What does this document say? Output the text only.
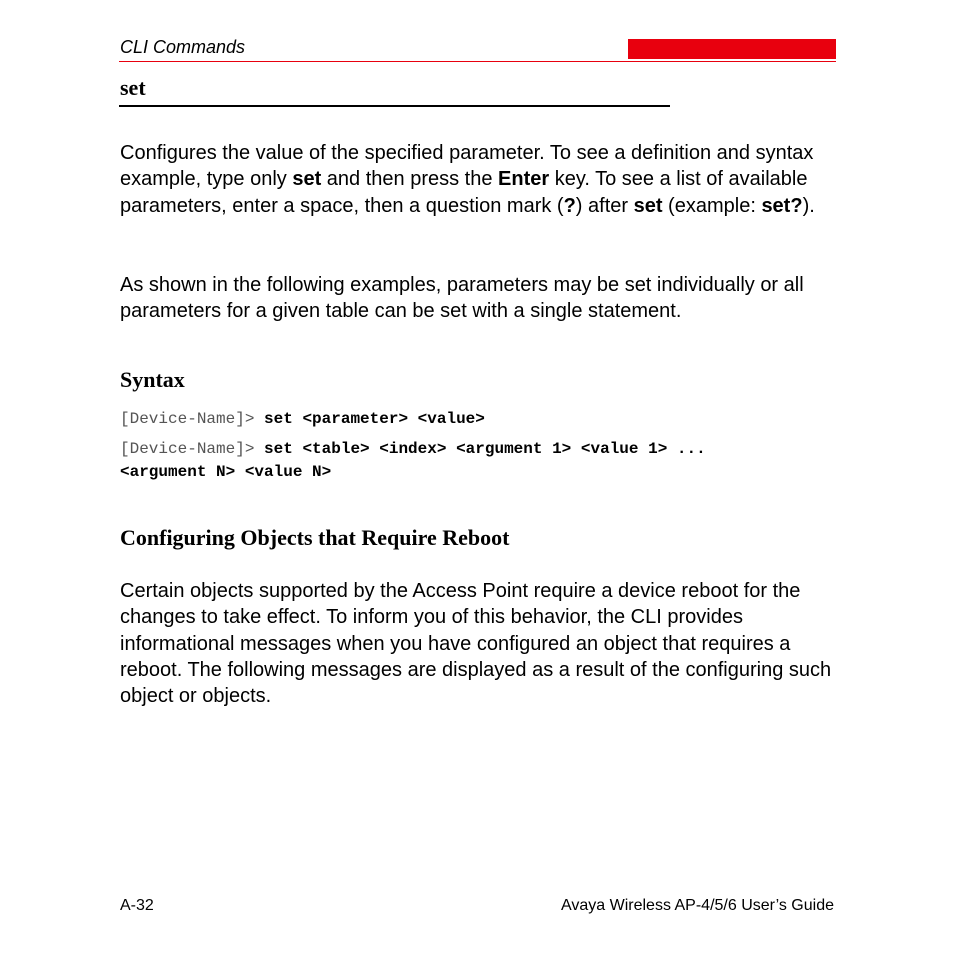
CLI Commands
set

Configures the value of the specified parameter. To see a definition and syntax example, type only set and then press the Enter key. To see a list of available parameters, enter a space, then a question mark (?) after set (example: set?).

As shown in the following examples, parameters may be set individually or all parameters for a given table can be set with a single statement.

Syntax

[Device-Name]> set <parameter> <value>

[Device-Name]> set <table> <index> <argument 1> <value 1> ...
<argument N> <value N>

Configuring Objects that Require Reboot

Certain objects supported by the Access Point require a device reboot for the changes to take effect. To inform you of this behavior, the CLI provides informational messages when you have configured an object that requires a reboot. The following messages are displayed as a result of the configuring such object or objects.

A-32	Avaya Wireless AP-4/5/6 User’s Guide
